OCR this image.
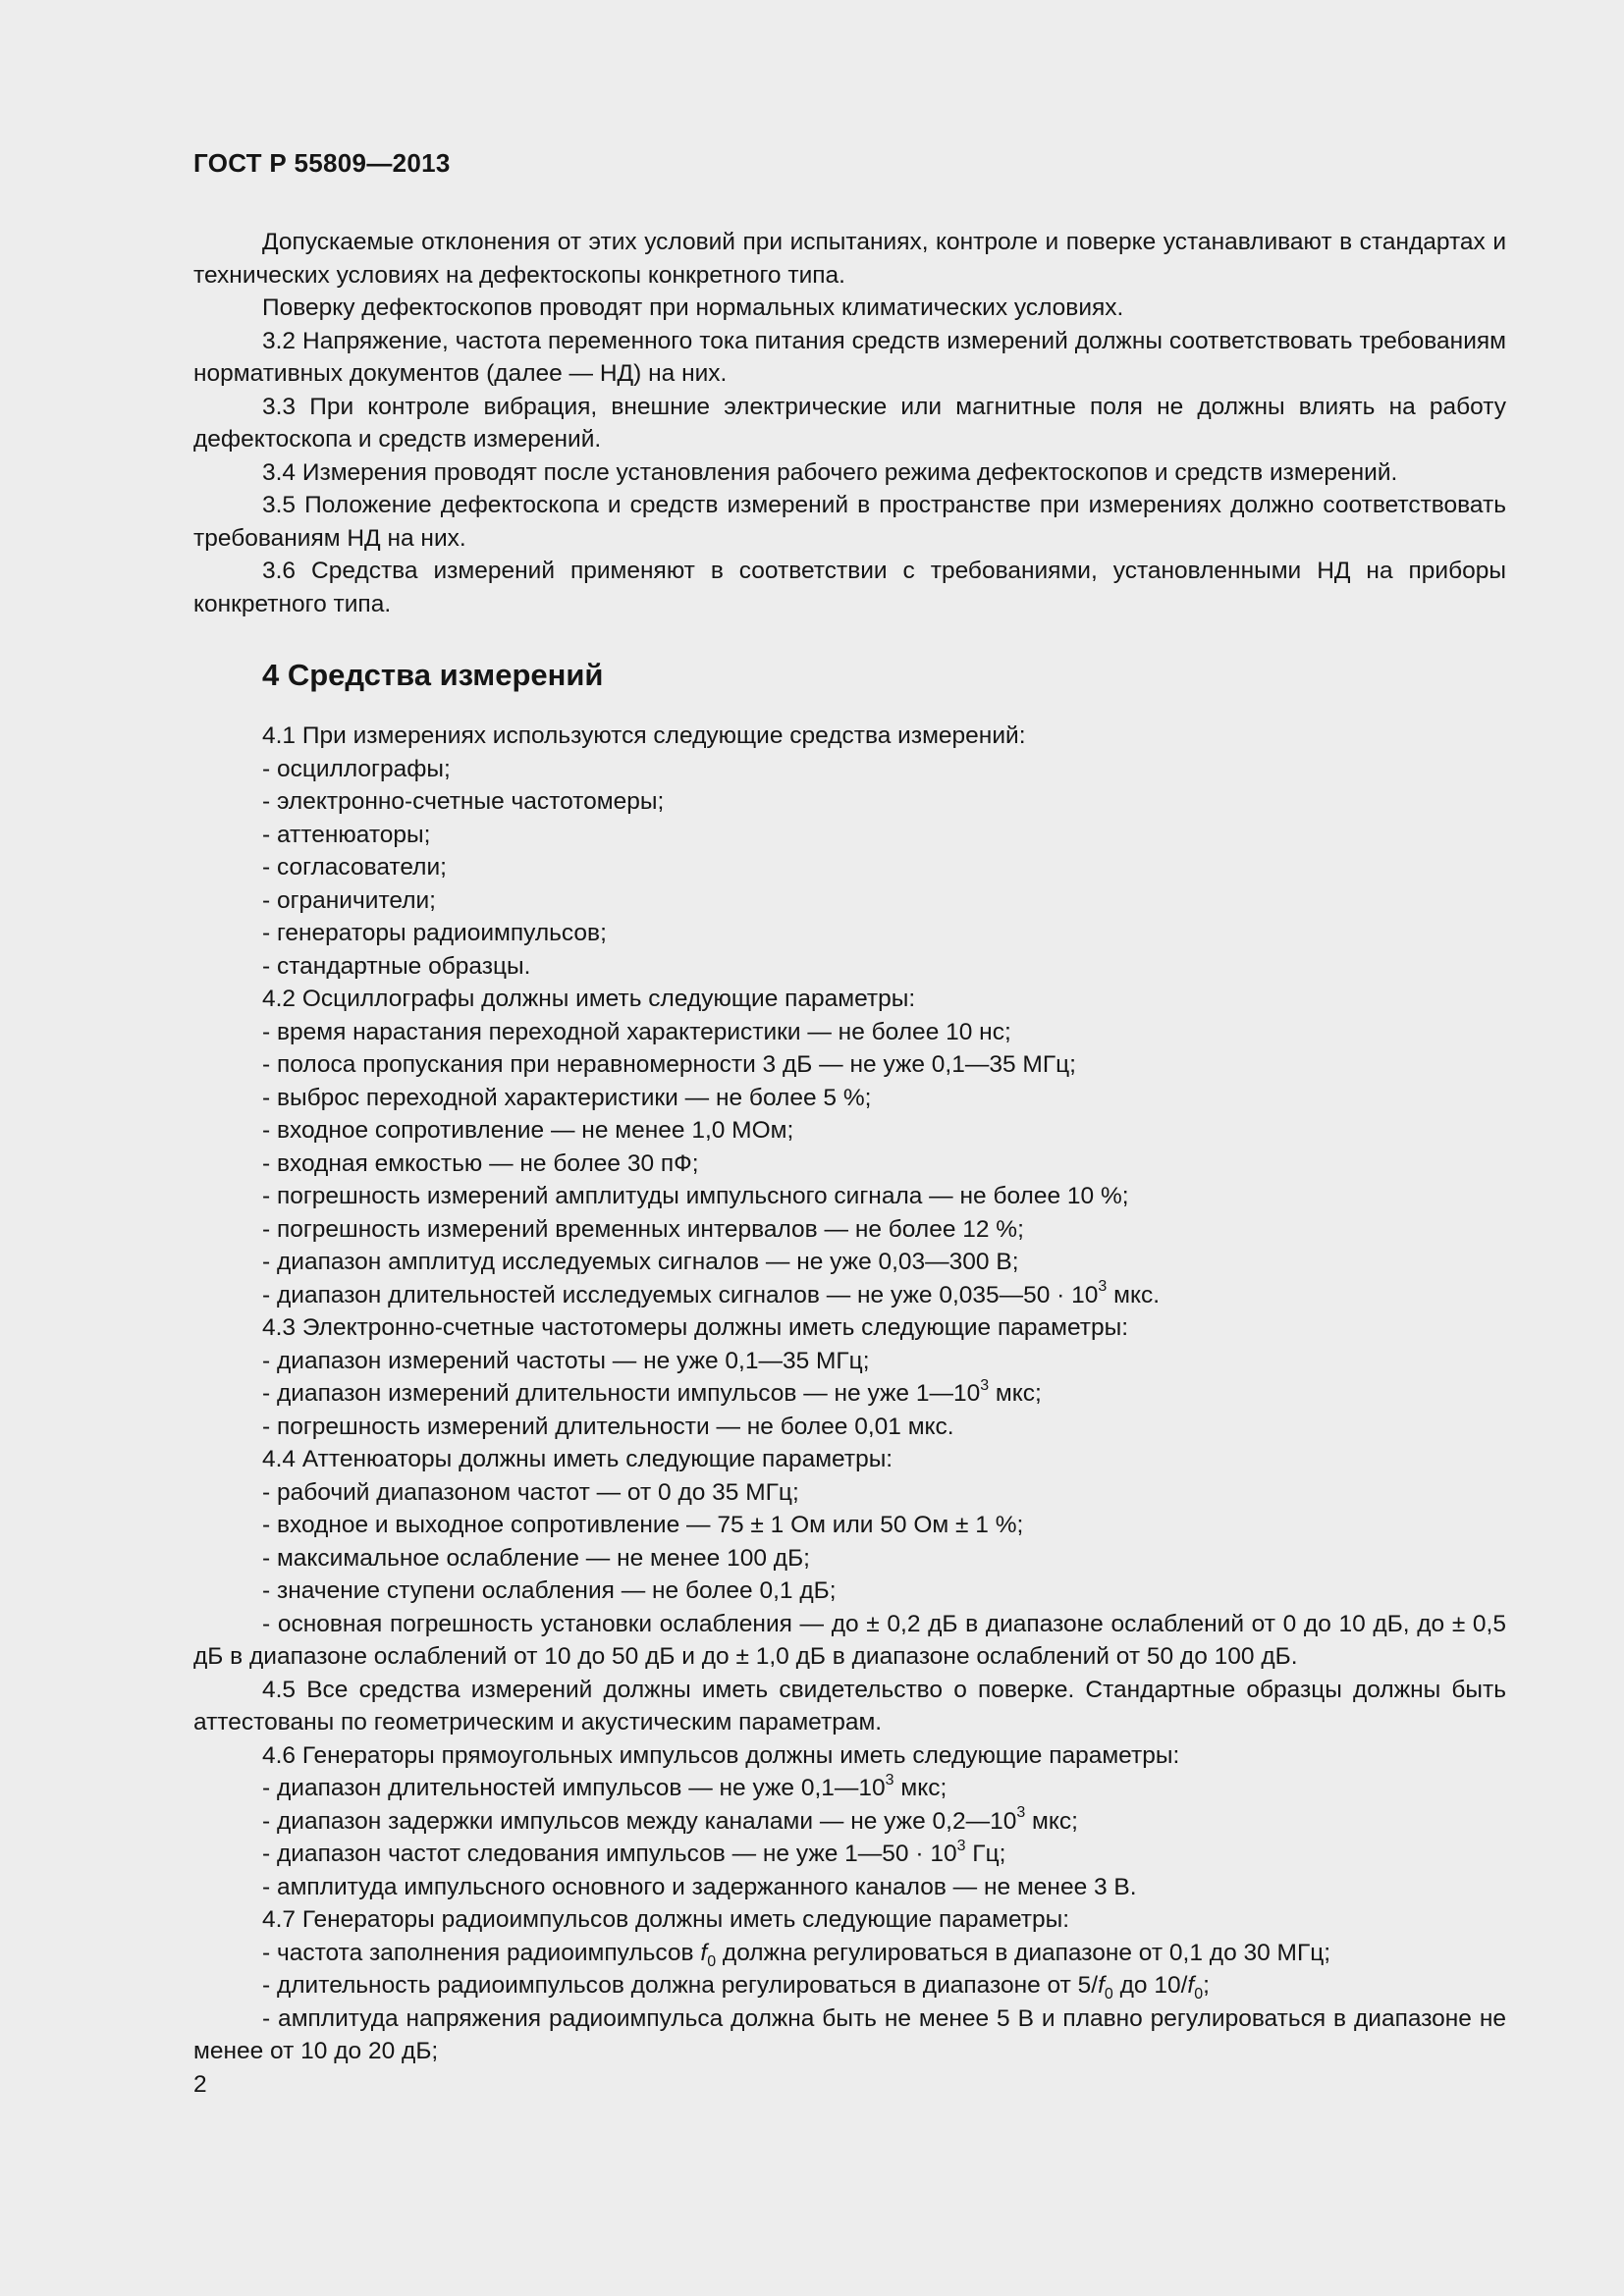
ГОСТ Р 55809—2013

Допускаемые отклонения от этих условий при испытаниях, контроле и поверке устанавливают в стандартах и технических условиях на дефектоскопы конкретного типа.

Поверку дефектоскопов проводят при нормальных климатических условиях.

3.2 Напряжение, частота переменного тока питания средств измерений должны соответствовать требованиям нормативных документов (далее — НД) на них.

3.3 При контроле вибрация, внешние электрические или магнитные поля не должны влиять на работу дефектоскопа и средств измерений.

3.4 Измерения проводят после установления рабочего режима дефектоскопов и средств измерений.

3.5 Положение дефектоскопа и средств измерений в пространстве при измерениях должно соответствовать требованиям НД на них.

3.6 Средства измерений применяют в соответствии с требованиями, установленными НД на приборы конкретного типа.

4 Средства измерений

4.1 При измерениях используются следующие средства измерений:

- осциллографы;

- электронно-счетные частотомеры;

- аттенюаторы;

- согласователи;

- ограничители;

- генераторы радиоимпульсов;

- стандартные образцы.

4.2 Осциллографы должны иметь следующие параметры:

- время нарастания переходной характеристики — не более 10 нс;

- полоса пропускания при неравномерности 3 дБ — не уже 0,1—35 МГц;

- выброс переходной характеристики — не более 5 %;

- входное сопротивление — не менее 1,0 МОм;

- входная емкостью — не более 30 пФ;

- погрешность измерений амплитуды импульсного сигнала — не более 10 %;

- погрешность измерений временных интервалов — не более 12 %;

- диапазон амплитуд исследуемых сигналов — не уже 0,03—300 В;

- диапазон длительностей исследуемых сигналов — не уже 0,035—50 · $10^3$ мкс.

4.3 Электронно-счетные частотомеры должны иметь следующие параметры:

- диапазон измерений частоты — не уже 0,1—35 МГц;

- диапазон измерений длительности импульсов — не уже $1—10^3$ мкс;

- погрешность измерений длительности — не более 0,01 мкс.

4.4 Аттенюаторы должны иметь следующие параметры:

- рабочий диапазоном частот — от 0 до 35 МГц;

- входное и выходное сопротивление — 75 ± 1 Ом или 50 Ом ± 1 %;

- максимальное ослабление — не менее 100 дБ;

- значение ступени ослабления — не более 0,1 дБ;

- основная погрешность установки ослабления — до ± 0,2 дБ в диапазоне ослаблений от 0 до 10 дБ, до ± 0,5 дБ в диапазоне ослаблений от 10 до 50 дБ и до ± 1,0 дБ в диапазоне ослаблений от 50 до 100 дБ.

4.5 Все средства измерений должны иметь свидетельство о поверке. Стандартные образцы должны быть аттестованы по геометрическим и акустическим параметрам.

4.6 Генераторы прямоугольных импульсов должны иметь следующие параметры:

- диапазон длительностей импульсов — не уже $0,1—10^3$ мкс;

- диапазон задержки импульсов между каналами — не уже $0,2—10^3$ мкс;

- диапазон частот следования импульсов — не уже 1—50 · $10^3$ Гц;

- амплитуда импульсного основного и задержанного каналов — не менее 3 В.

4.7 Генераторы радиоимпульсов должны иметь следующие параметры:

- частота заполнения радиоимпульсов $f_0$ должна регулироваться в диапазоне от 0,1 до 30 МГц;

- длительность радиоимпульсов должна регулироваться в диапазоне от $5/f_0$ до $10/f_0$;

- амплитуда напряжения радиоимпульса должна быть не менее 5 В и плавно регулироваться в диапазоне не менее от 10 до 20 дБ;

2
